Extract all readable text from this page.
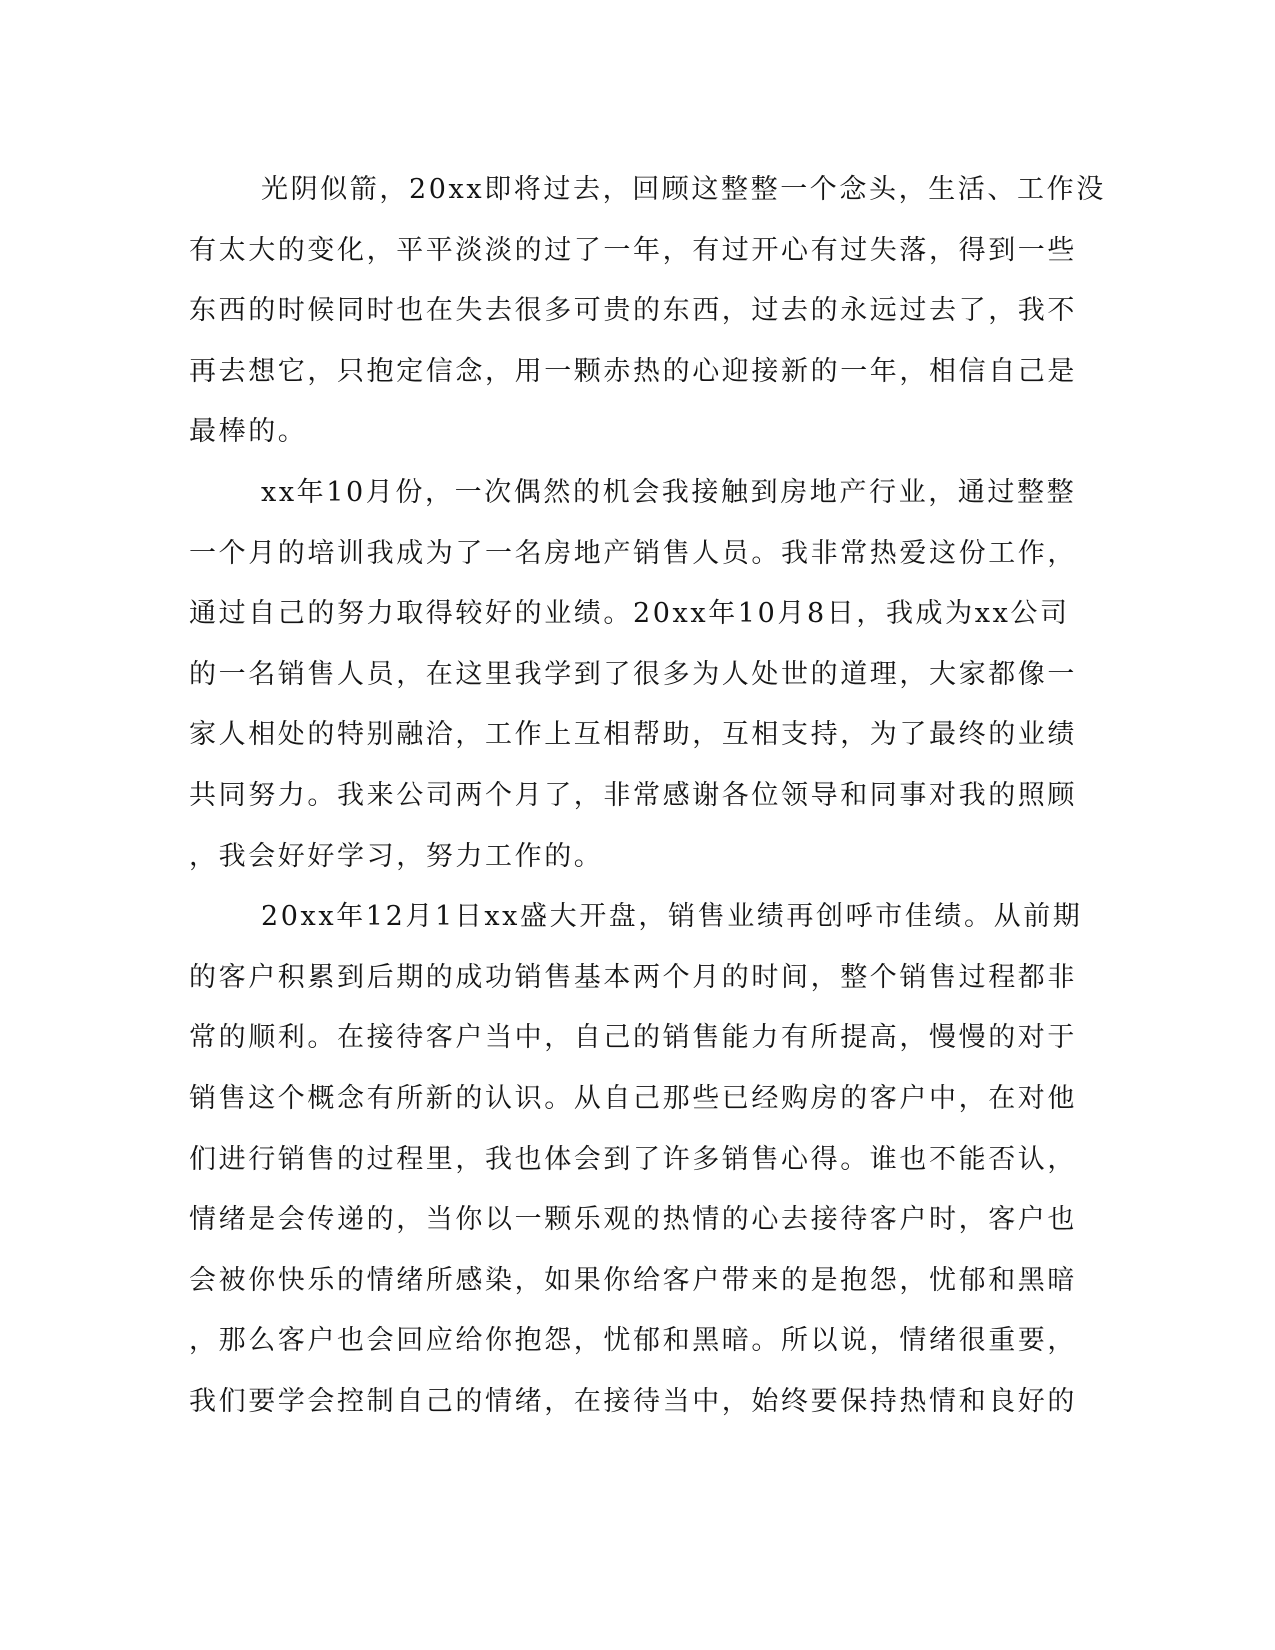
光阴似箭，20xx即将过去，回顾这整整一个念头，生活、工作没
有太大的变化，平平淡淡的过了一年，有过开心有过失落，得到一些
东西的时候同时也在失去很多可贵的东西，过去的永远过去了，我不
再去想它，只抱定信念，用一颗赤热的心迎接新的一年，相信自己是
最棒的。
xx年10月份，一次偶然的机会我接触到房地产行业，通过整整
一个月的培训我成为了一名房地产销售人员。我非常热爱这份工作，
通过自己的努力取得较好的业绩。20xx年10月8日，我成为xx公司
的一名销售人员，在这里我学到了很多为人处世的道理，大家都像一
家人相处的特别融洽，工作上互相帮助，互相支持，为了最终的业绩
共同努力。我来公司两个月了，非常感谢各位领导和同事对我的照顾
，我会好好学习，努力工作的。
20xx年12月1日xx盛大开盘，销售业绩再创呼市佳绩。从前期
的客户积累到后期的成功销售基本两个月的时间，整个销售过程都非
常的顺利。在接待客户当中，自己的销售能力有所提高，慢慢的对于
销售这个概念有所新的认识。从自己那些已经购房的客户中，在对他
们进行销售的过程里，我也体会到了许多销售心得。谁也不能否认，
情绪是会传递的，当你以一颗乐观的热情的心去接待客户时，客户也
会被你快乐的情绪所感染，如果你给客户带来的是抱怨，忧郁和黑暗
，那么客户也会回应给你抱怨，忧郁和黑暗。所以说，情绪很重要，
我们要学会控制自己的情绪，在接待当中，始终要保持热情和良好的
